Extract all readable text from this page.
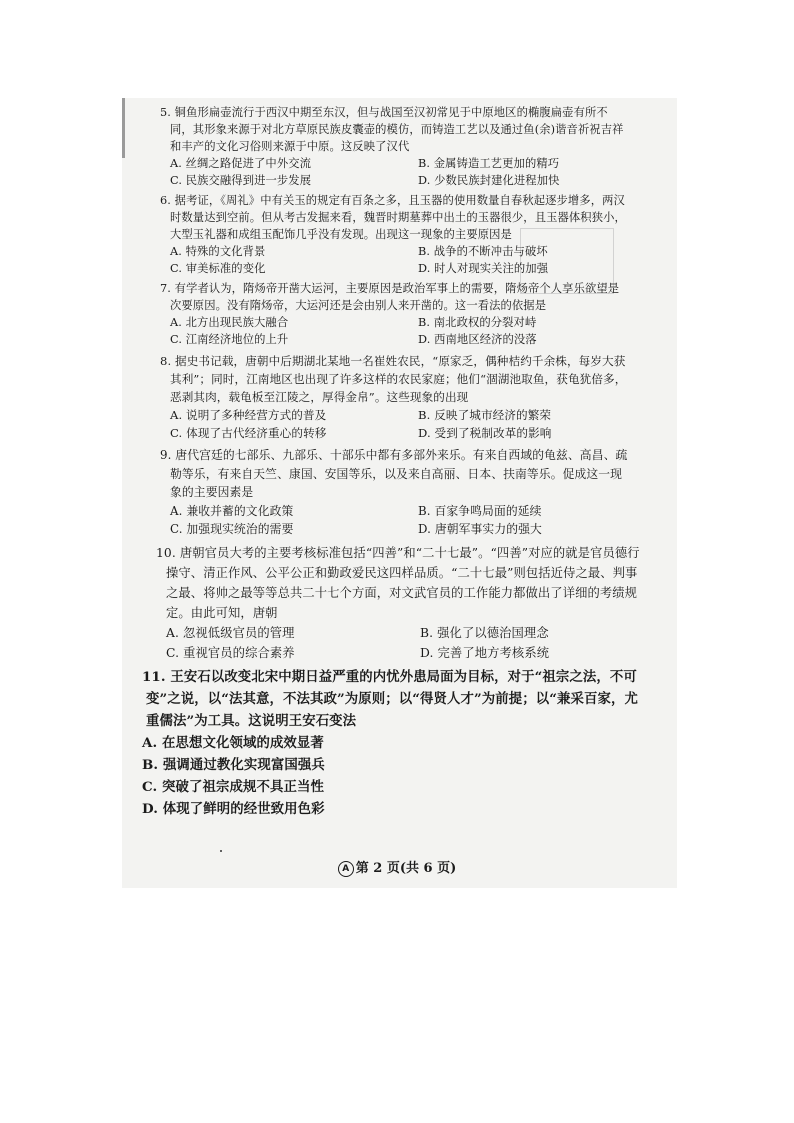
5. 铜鱼形扁壶流行于西汉中期至东汉，但与战国至汉初常见于中原地区的椭腹扁壶有所不同，其形象来源于对北方草原民族皮囊壶的模仿，而铸造工艺以及通过鱼(余)谐音祈祝吉祥和丰产的文化习俗则来源于中原。这反映了汉代

A. 丝绸之路促进了中外交流	B. 金属铸造工艺更加的精巧

C. 民族交融得到进一步发展	D. 少数民族封建化进程加快

6. 据考证，《周礼》中有关玉的规定有百条之多，且玉器的使用数量自春秋起逐步增多，两汉时数量达到空前。但从考古发掘来看，魏晋时期墓葬中出土的玉器很少，且玉器体积狭小，大型玉礼器和成组玉配饰几乎没有发现。出现这一现象的主要原因是

A. 特殊的文化背景	B. 战争的不断冲击与破坏

C. 审美标准的变化	D. 时人对现实关注的加强

7. 有学者认为，隋炀帝开凿大运河，主要原因是政治军事上的需要，隋炀帝个人享乐欲望是次要原因。没有隋炀帝，大运河还是会由别人来开凿的。这一看法的依据是

A. 北方出现民族大融合	B. 南北政权的分裂对峙

C. 江南经济地位的上升	D. 西南地区经济的没落

8. 据史书记载，唐朝中后期湖北某地一名崔姓农民，“原家乏，偶种桔约千余株，每岁大获其利”；同时，江南地区也出现了许多这样的农民家庭；他们“涸湖池取鱼，获龟犹倍多，恶剥其肉，载龟板至江陵之，厚得金帛”。这些现象的出现

A. 说明了多种经营方式的普及	B. 反映了城市经济的繁荣

C. 体现了古代经济重心的转移	D. 受到了税制改革的影响

9. 唐代宫廷的七部乐、九部乐、十部乐中都有多部外来乐。有来自西域的龟兹、高昌、疏勒等乐，有来自天竺、康国、安国等乐，以及来自高丽、日本、扶南等乐。促成这一现象的主要因素是

A. 兼收并蓄的文化政策	B. 百家争鸣局面的延续

C. 加强现实统治的需要	D. 唐朝军事实力的强大

10. 唐朝官员大考的主要考核标准包括“四善”和“二十七最”。“四善”对应的就是官员德行操守、清正作风、公平公正和勤政爱民这四样品质。“二十七最”则包括近侍之最、判事之最、将帅之最等等总共二十七个方面，对文武官员的工作能力都做出了详细的考绩规定。由此可知，唐朝

A. 忽视低级官员的管理	B. 强化了以德治国理念

C. 重视官员的综合素养	D. 完善了地方考核系统

11. 王安石以改变北宋中期日益严重的内忧外患局面为目标，对于“祖宗之法，不可变”之说，以“法其意，不法其政”为原则；以“得贤人才”为前提；以“兼采百家，尤重儒法”为工具。这说明王安石变法

A. 在思想文化领域的成效显著

B. 强调通过教化实现富国强兵

C. 突破了祖宗成规不具正当性

D. 体现了鲜明的经世致用色彩

A 第 2 页(共 6 页)
